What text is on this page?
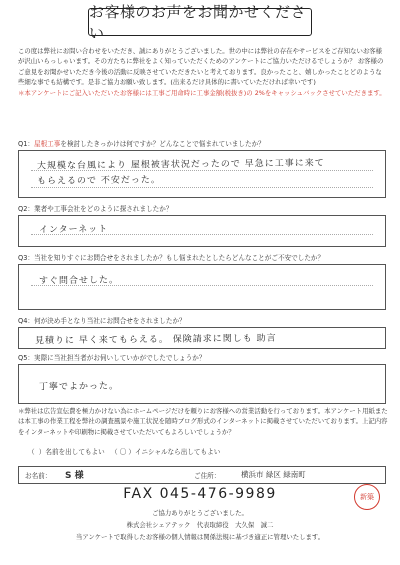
お客様のお声をお聞かせください
この度は弊社にお問い合わせをいただき、誠にありがとうございました。世の中には弊社の存在やサービスをご存知ないお客様が沢山いらっしゃいます。その方たちに弊社をよく知っていただくためのアンケートにご協力いただけるでしょうか？ お客様のご意見をお聞かせいただき今後の活動に反映させていただきたいと考えております。良かったこと、嬉しかったことどのような些細な事でも結構です。是非ご協力お願い致します。(出来るだけ具体的に書いていただければ幸いです)
＊本アンケートにご記入いただいたお客様には工事ご用命時に工事金額(税抜き)の 2%をキャッシュバックさせていただきます。
Q1：屋根工事を検討したきっかけは何ですか？どんなことで悩まれていましたか？
大規模な台風により 屋根被害状況だったので 早急に工事に来て
もらえるので 不安だった。
Q2：業者や工事会社をどのように探されましたか？
インターネット
Q3：当社を知りすぐにお問合せをされましたか？もし悩まれたとしたらどんなことがご不安でしたか？
すぐ問合せした。
Q4：何が決め手となり当社にお問合せをされましたか？
見積りに 早く来てもらえる。 保険請求に関しも 助言
Q5：実際に当社担当者がお伺いしていかがでしたでしょうか？
丁寧でよかった。
＊弊社は広告宣伝費を極力かけない為にホームページだけを頼りにお客様への営業活動を行っております。本アンケート用紙または本工事の作業工程を弊社の調査風景や施工状況を随時ブログ形式のインターネットに掲載させていただいております。上記内容をインターネットや印刷物に掲載させていただいてもよろしいでしょうか？
（  ）名前を出してもよい   （ 〇 ）イニシャルなら出してもよい
お名前： S 様	ご住所：	横浜市 緑区 緑南町
FAX 045-476-9989	新築
ご協力ありがとうございました。
株式会社シェアテック　代表取締役　大久保　誠二
当アンケートで取得したお客様の個人情報は関係法規に基づき適正に管理いたします。
